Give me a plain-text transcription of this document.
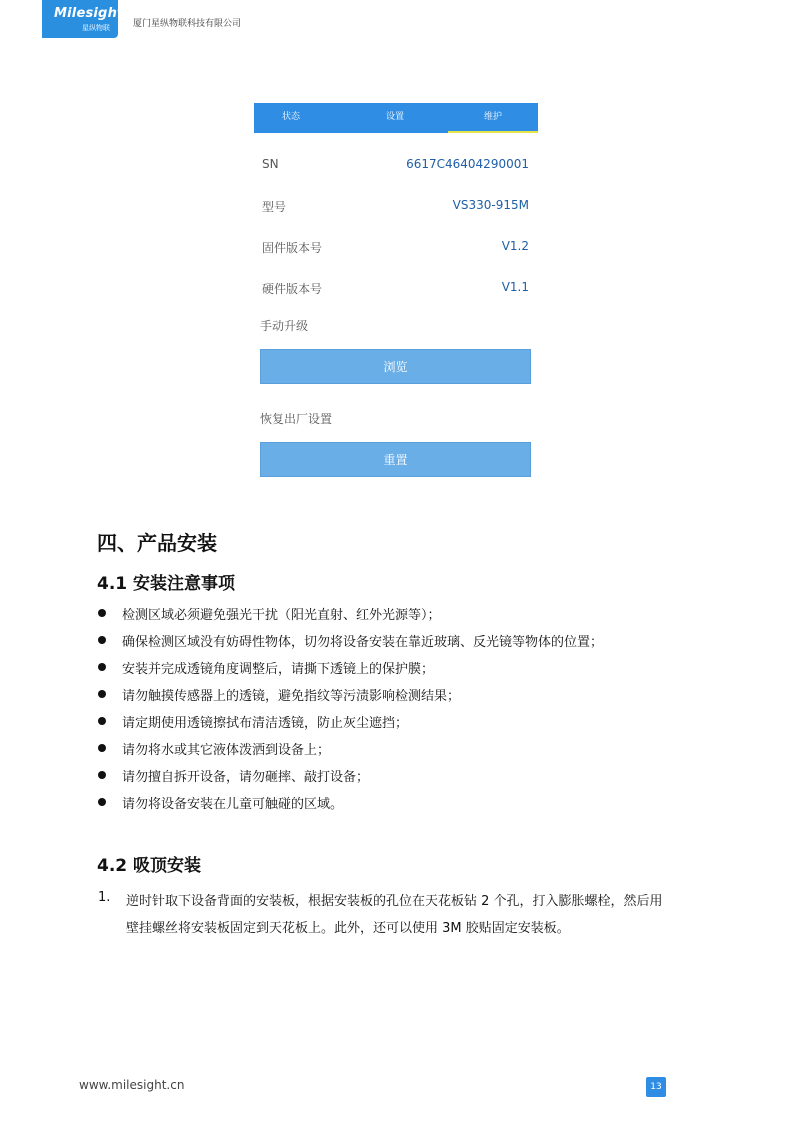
Milesight
星纵物联	厦门星纵物联科技有限公司
状态	设置	维护
SN	6617C46404290001
型号	VS330-915M
固件版本号	V1.2
硬件版本号	V1.1
手动升级
浏览
恢复出厂设置
重置
四、产品安装
4.1 安装注意事项
检测区域必须避免强光干扰（阳光直射、红外光源等）；
确保检测区域没有妨碍性物体，切勿将设备安装在靠近玻璃、反光镜等物体的位置；
安装并完成透镜角度调整后，请撕下透镜上的保护膜；
请勿触摸传感器上的透镜，避免指纹等污渍影响检测结果；
请定期使用透镜擦拭布清洁透镜，防止灰尘遮挡；
请勿将水或其它液体泼洒到设备上；
请勿擅自拆开设备，请勿砸摔、敲打设备；
请勿将设备安装在儿童可触碰的区域。
4.2 吸顶安装
1. 逆时针取下设备背面的安装板，根据安装板的孔位在天花板钻 2 个孔，打入膨胀螺栓，然后用
壁挂螺丝将安装板固定到天花板上。此外，还可以使用 3M 胶贴固定安装板。
www.milesight.cn	13
